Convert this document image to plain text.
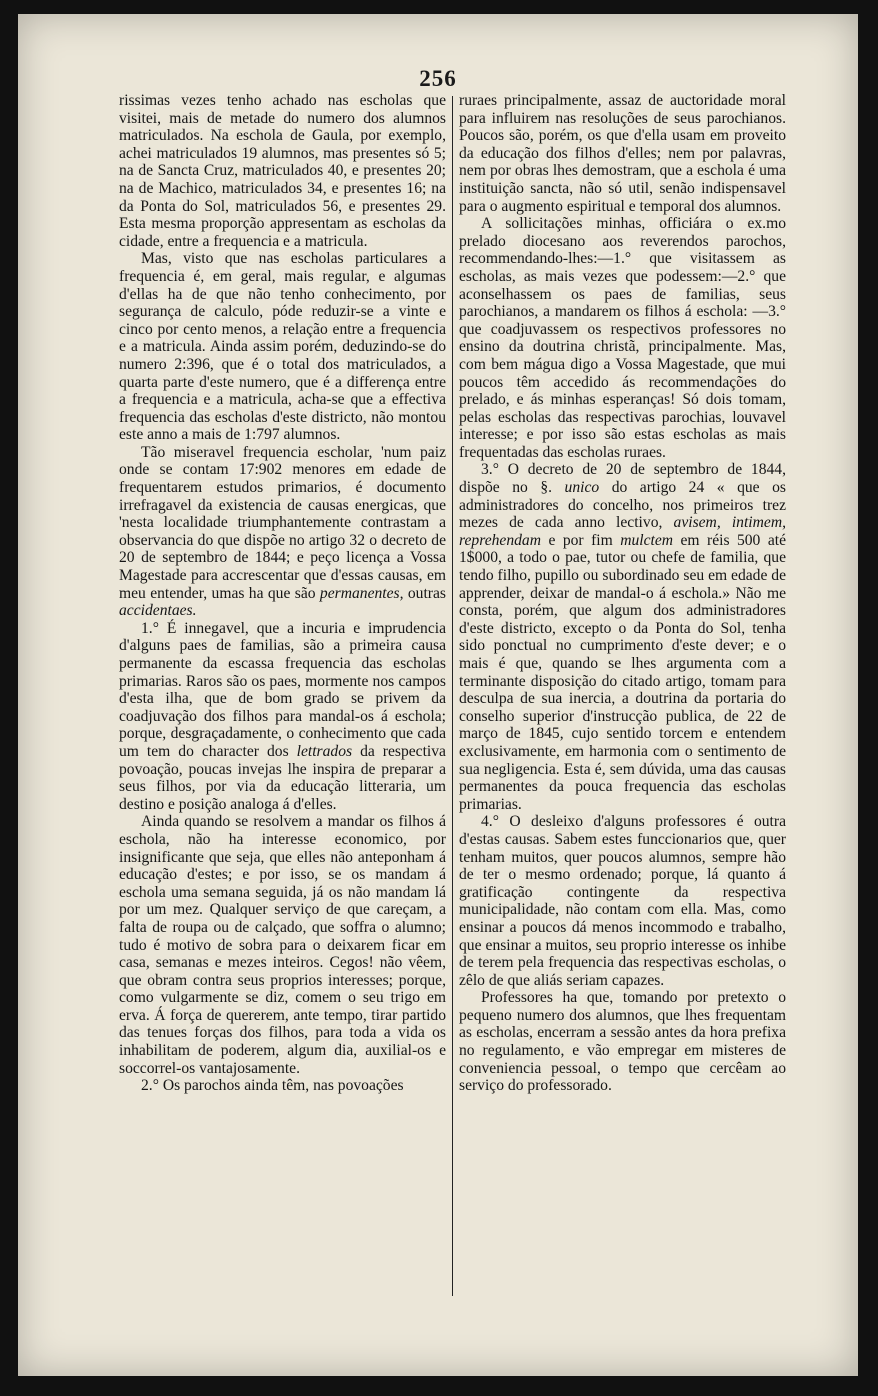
256

rissimas vezes tenho achado nas escholas que visitei, mais de metade do numero dos alumnos matriculados. Na eschola de Gaula, por exemplo, achei matriculados 19 alumnos, mas presentes só 5; na de Sancta Cruz, matriculados 40, e presentes 20; na de Machico, matriculados 34, e presentes 16; na da Ponta do Sol, matriculados 56, e presentes 29. Esta mesma proporção appresentam as escholas da cidade, entre a frequencia e a matricula.

Mas, visto que nas escholas particulares a frequencia é, em geral, mais regular, e algumas d'ellas ha de que não tenho conhecimento, por segurança de calculo, póde reduzir-se a vinte e cinco por cento menos, a relação entre a frequencia e a matricula. Ainda assim porém, deduzindo-se do numero 2:396, que é o total dos matriculados, a quarta parte d'este numero, que é a differença entre a frequencia e a matricula, acha-se que a effectiva frequencia das escholas d'este districto, não montou este anno a mais de 1:797 alumnos.

Tão miseravel frequencia escholar, 'num paiz onde se contam 17:902 menores em edade de frequentarem estudos primarios, é documento irrefragavel da existencia de causas energicas, que 'nesta localidade triumphantemente contrastam a observancia do que dispõe no artigo 32 o decreto de 20 de septembro de 1844; e peço licença a Vossa Magestade para accrescentar que d'essas causas, em meu entender, umas ha que são permanentes, outras accidentaes.

1.° É innegavel, que a incuria e imprudencia d'alguns paes de familias, são a primeira causa permanente da escassa frequencia das escholas primarias. Raros são os paes, mormente nos campos d'esta ilha, que de bom grado se privem da coadjuvação dos filhos para mandal-os á eschola; porque, desgraçadamente, o conhecimento que cada um tem do character dos lettrados da respectiva povoação, poucas invejas lhe inspira de preparar a seus filhos, por via da educação litteraria, um destino e posição analoga á d'elles.

Ainda quando se resolvem a mandar os filhos á eschola, não ha interesse economico, por insignificante que seja, que elles não anteponham á educação d'estes; e por isso, se os mandam á eschola uma semana seguida, já os não mandam lá por um mez. Qualquer serviço de que careçam, a falta de roupa ou de calçado, que soffra o alumno; tudo é motivo de sobra para o deixarem ficar em casa, semanas e mezes inteiros. Cegos! não vêem, que obram contra seus proprios interesses; porque, como vulgarmente se diz, comem o seu trigo em erva. Á força de quererem, ante tempo, tirar partido das tenues forças dos filhos, para toda a vida os inhabilitam de poderem, algum dia, auxilial-os e soccorrel-os vantajosamente.

2.° Os parochos ainda têm, nas povoações

ruraes principalmente, assaz de auctoridade moral para influirem nas resoluções de seus parochianos. Poucos são, porém, os que d'ella usam em proveito da educação dos filhos d'elles; nem por palavras, nem por obras lhes demostram, que a eschola é uma instituição sancta, não só util, senão indispensavel para o augmento espiritual e temporal dos alumnos.

A sollicitações minhas, officiára o ex.mo prelado diocesano aos reverendos parochos, recommendando-lhes:—1.° que visitassem as escholas, as mais vezes que podessem:—2.° que aconselhassem os paes de familias, seus parochianos, a mandarem os filhos á eschola: —3.° que coadjuvassem os respectivos professores no ensino da doutrina christã, principalmente. Mas, com bem mágua digo a Vossa Magestade, que mui poucos têm accedido ás recommendações do prelado, e ás minhas esperanças! Só dois tomam, pelas escholas das respectivas parochias, louvavel interesse; e por isso são estas escholas as mais frequentadas das escholas ruraes.

3.° O decreto de 20 de septembro de 1844, dispõe no §. unico do artigo 24 « que os administradores do concelho, nos primeiros trez mezes de cada anno lectivo, avisem, intimem, reprehendam e por fim mulctem em réis 500 até 1$000, a todo o pae, tutor ou chefe de familia, que tendo filho, pupillo ou subordinado seu em edade de apprender, deixar de mandal-o á eschola.» Não me consta, porém, que algum dos administradores d'este districto, excepto o da Ponta do Sol, tenha sido ponctual no cumprimento d'este dever; e o mais é que, quando se lhes argumenta com a terminante disposição do citado artigo, tomam para desculpa de sua inercia, a doutrina da portaria do conselho superior d'instrucção publica, de 22 de março de 1845, cujo sentido torcem e entendem exclusivamente, em harmonia com o sentimento de sua negligencia. Esta é, sem dúvida, uma das causas permanentes da pouca frequencia das escholas primarias.

4.° O desleixo d'alguns professores é outra d'estas causas. Sabem estes funccionarios que, quer tenham muitos, quer poucos alumnos, sempre hão de ter o mesmo ordenado; porque, lá quanto á gratificação contingente da respectiva municipalidade, não contam com ella. Mas, como ensinar a poucos dá menos incommodo e trabalho, que ensinar a muitos, seu proprio interesse os inhibe de terem pela frequencia das respectivas escholas, o zêlo de que aliás seriam capazes.

Professores ha que, tomando por pretexto o pequeno numero dos alumnos, que lhes frequentam as escholas, encerram a sessão antes da hora prefixa no regulamento, e vão empregar em misteres de conveniencia pessoal, o tempo que cercêam ao serviço do professorado.
